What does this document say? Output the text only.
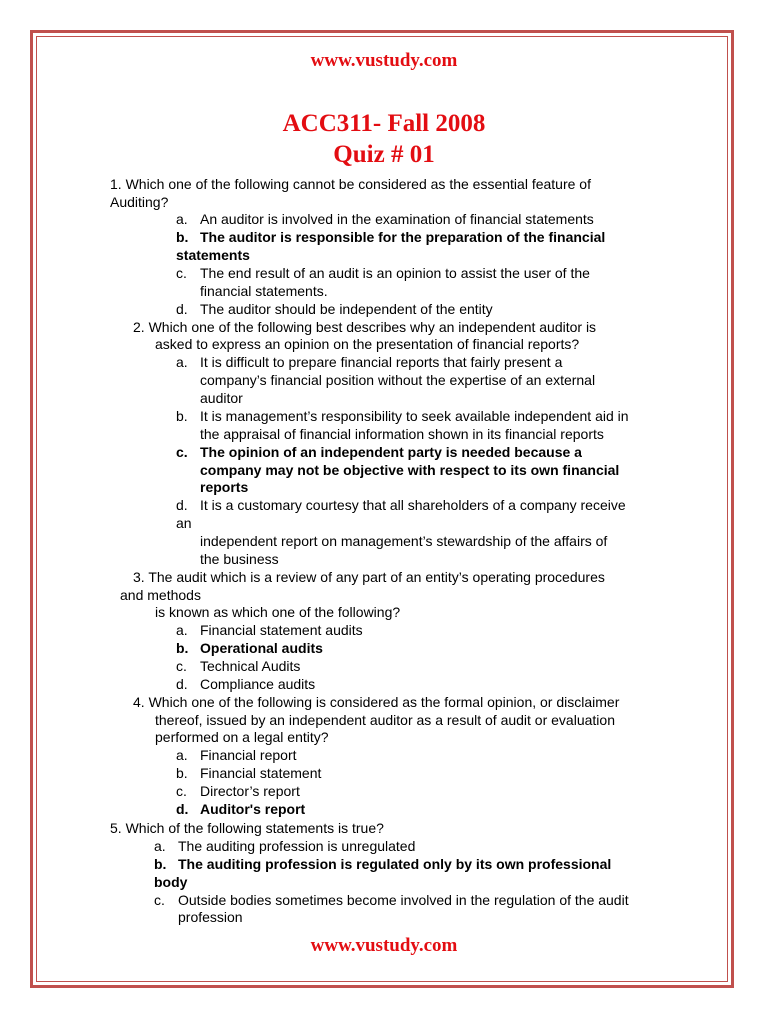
www.vustudy.com
ACC311- Fall 2008
Quiz # 01
1. Which one of the following cannot be considered as the essential feature of
Auditing?
a. An auditor is involved in the examination of financial statements
b. The auditor is responsible for the preparation of the financial
statements
c. The end result of an audit is an opinion to assist the user of the
financial statements.
d. The auditor should be independent of the entity
2. Which one of the following best describes why an independent auditor is
asked to express an opinion on the presentation of financial reports?
a. It is difficult to prepare financial reports that fairly present a
company’s financial position without the expertise of an external
auditor
b. It is management’s responsibility to seek available independent aid in
the appraisal of financial information shown in its financial reports
c. The opinion of an independent party is needed because a
company may not be objective with respect to its own financial
reports
d. It is a customary courtesy that all shareholders of a company receive
an
independent report on management’s stewardship of the affairs of
the business
3. The audit which is a review of any part of an entity’s operating procedures
and methods
is known as which one of the following?
a. Financial statement audits
b. Operational audits
c. Technical Audits
d. Compliance audits
4. Which one of the following is considered as the formal opinion, or disclaimer
thereof, issued by an independent auditor as a result of audit or evaluation
performed on a legal entity?
a. Financial report
b. Financial statement
c. Director’s report
d. Auditor's report
5. Which of the following statements is true?
a. The auditing profession is unregulated
b. The auditing profession is regulated only by its own professional
body
c. Outside bodies sometimes become involved in the regulation of the audit
profession
www.vustudy.com
